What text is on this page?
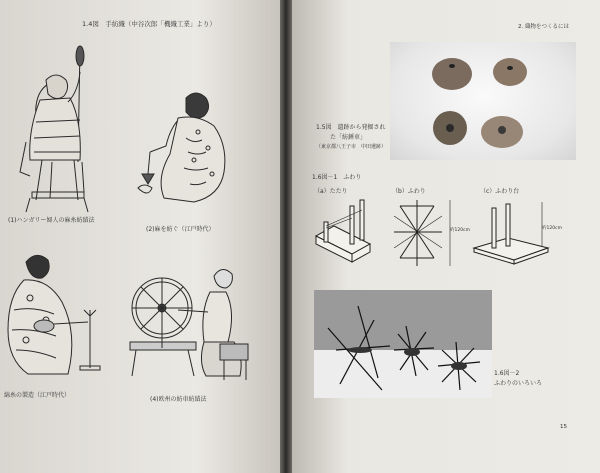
1.4図　手紡織（中谷次郎「機織工業」より）
(1)ハンガリー婦人の麻糸紡績法
(2)麻を紡ぐ（江戸時代）
綿糸の製造（江戸時代）
(4)欧州の紡車紡績法
2. 織物をつくるには
1.5図　遺跡から発掘され
た「紡錘車」
（東京都八王子市　中田遺跡）
1.6図－1　ふわり
（a）たたり	（b）ふわり	（c）ふわり台
約120cm	約120cm
1.6図－2
ふわりのいろいろ
15
